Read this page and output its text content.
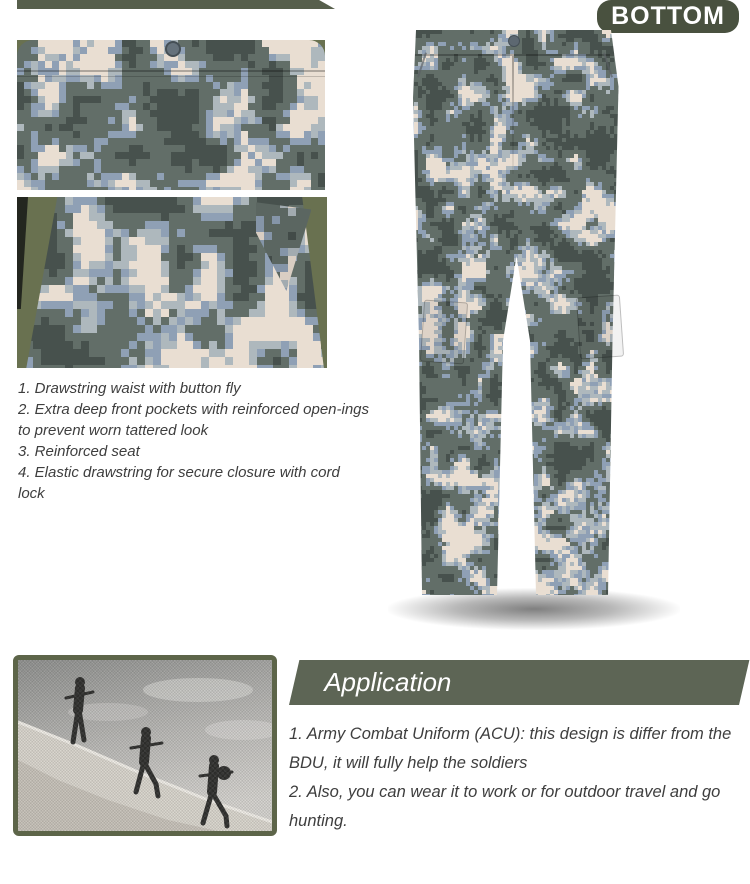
BOTTOM
1. Drawstring waist with button fly
2. Extra deep front pockets with reinforced open-ings to prevent worn tattered look
3. Reinforced seat
4. Elastic drawstring for secure closure with cord lock
Application
1. Army Combat Uniform (ACU): this design is differ from the BDU, it will fully help the soldiers
2. Also, you can wear it to work or for outdoor travel and go hunting.
